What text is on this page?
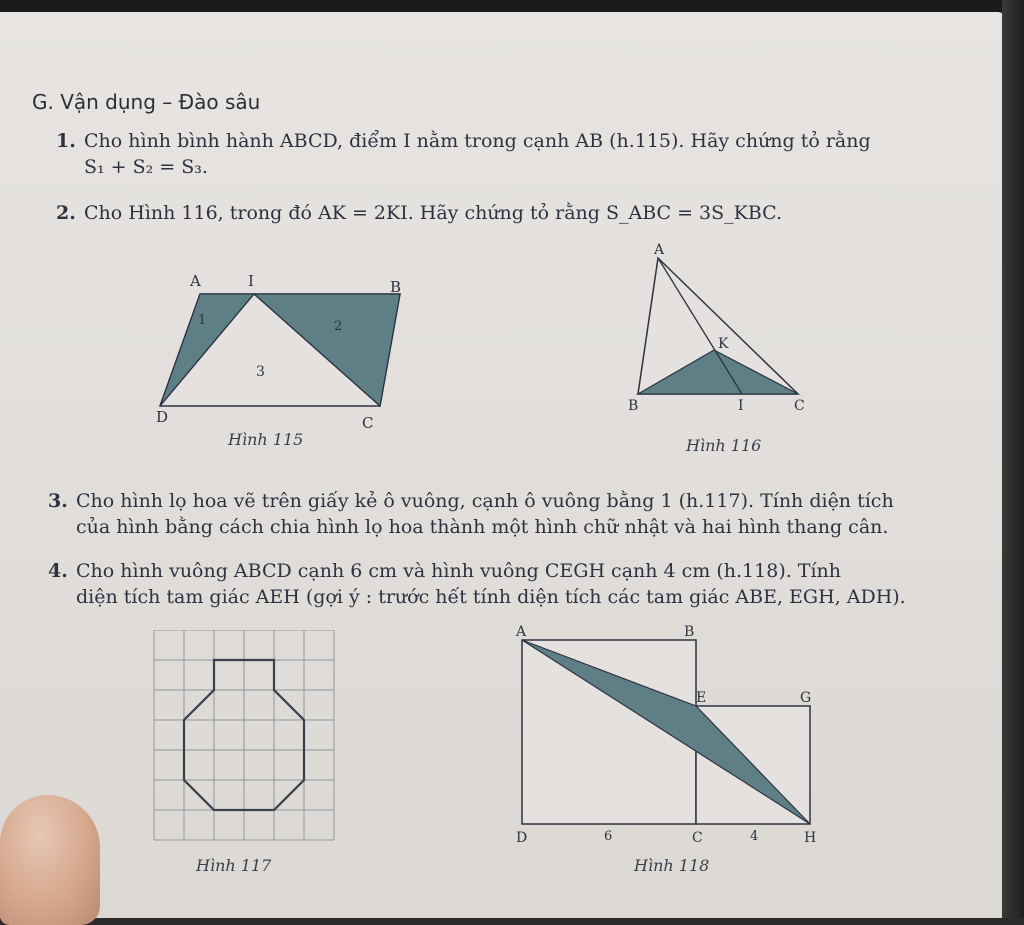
G. Vận dụng – Đào sâu
1. Cho hình bình hành ABCD, điểm I nằm trong cạnh AB (h.115). Hãy chứng tỏ rằng
S₁ + S₂ = S₃.
2. Cho Hình 116, trong đó AK = 2KI. Hãy chứng tỏ rằng S_ABC = 3S_KBC.
A	I	B
C
D
1	2
3
Hình 115
A
K
B	I	C
Hình 116
3. Cho hình lọ hoa vẽ trên giấy kẻ ô vuông, cạnh ô vuông bằng 1 (h.117). Tính diện tích
của hình bằng cách chia hình lọ hoa thành một hình chữ nhật và hai hình thang cân.
4. Cho hình vuông ABCD cạnh 6 cm và hình vuông CEGH cạnh 4 cm (h.118). Tính
diện tích tam giác AEH (gợi ý : trước hết tính diện tích các tam giác ABE, EGH, ADH).
Hình 117
A	B
E	G
D	C	H
6	4
Hình 118
